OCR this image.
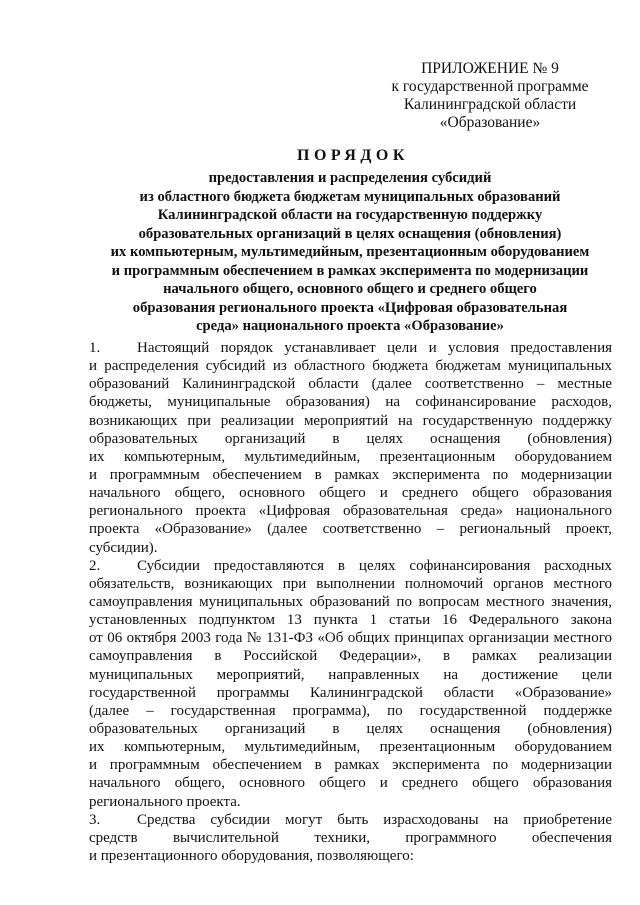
ПРИЛОЖЕНИЕ № 9
к государственной программе
Калининградской области
«Образование»
ПОРЯДОК
предоставления и распределения субсидий
из областного бюджета бюджетам муниципальных образований
Калининградской области на государственную поддержку
образовательных организаций в целях оснащения (обновления)
их компьютерным, мультимедийным, презентационным оборудованием
и программным обеспечением в рамках эксперимента по модернизации
начального общего, основного общего и среднего общего
образования регионального проекта «Цифровая образовательная
среда» национального проекта «Образование»
1. Настоящий порядок устанавливает цели и условия предоставления
и распределения субсидий из областного бюджета бюджетам муниципальных
образований Калининградской области (далее соответственно – местные
бюджеты, муниципальные образования) на софинансирование расходов,
возникающих при реализации мероприятий на государственную поддержку
образовательных организаций в целях оснащения (обновления)
их компьютерным, мультимедийным, презентационным оборудованием
и программным обеспечением в рамках эксперимента по модернизации
начального общего, основного общего и среднего общего образования
регионального проекта «Цифровая образовательная среда» национального
проекта «Образование» (далее соответственно – региональный проект,
субсидии).
2. Субсидии предоставляются в целях софинансирования расходных
обязательств, возникающих при выполнении полномочий органов местного
самоуправления муниципальных образований по вопросам местного значения,
установленных подпунктом 13 пункта 1 статьи 16 Федерального закона
от 06 октября 2003 года № 131-ФЗ «Об общих принципах организации местного
самоуправления в Российской Федерации», в рамках реализации
муниципальных мероприятий, направленных на достижение цели
государственной программы Калининградской области «Образование»
(далее – государственная программа), по государственной поддержке
образовательных организаций в целях оснащения (обновления)
их компьютерным, мультимедийным, презентационным оборудованием
и программным обеспечением в рамках эксперимента по модернизации
начального общего, основного общего и среднего общего образования
регионального проекта.
3. Средства субсидии могут быть израсходованы на приобретение
средств вычислительной техники, программного обеспечения
и презентационного оборудования, позволяющего:
